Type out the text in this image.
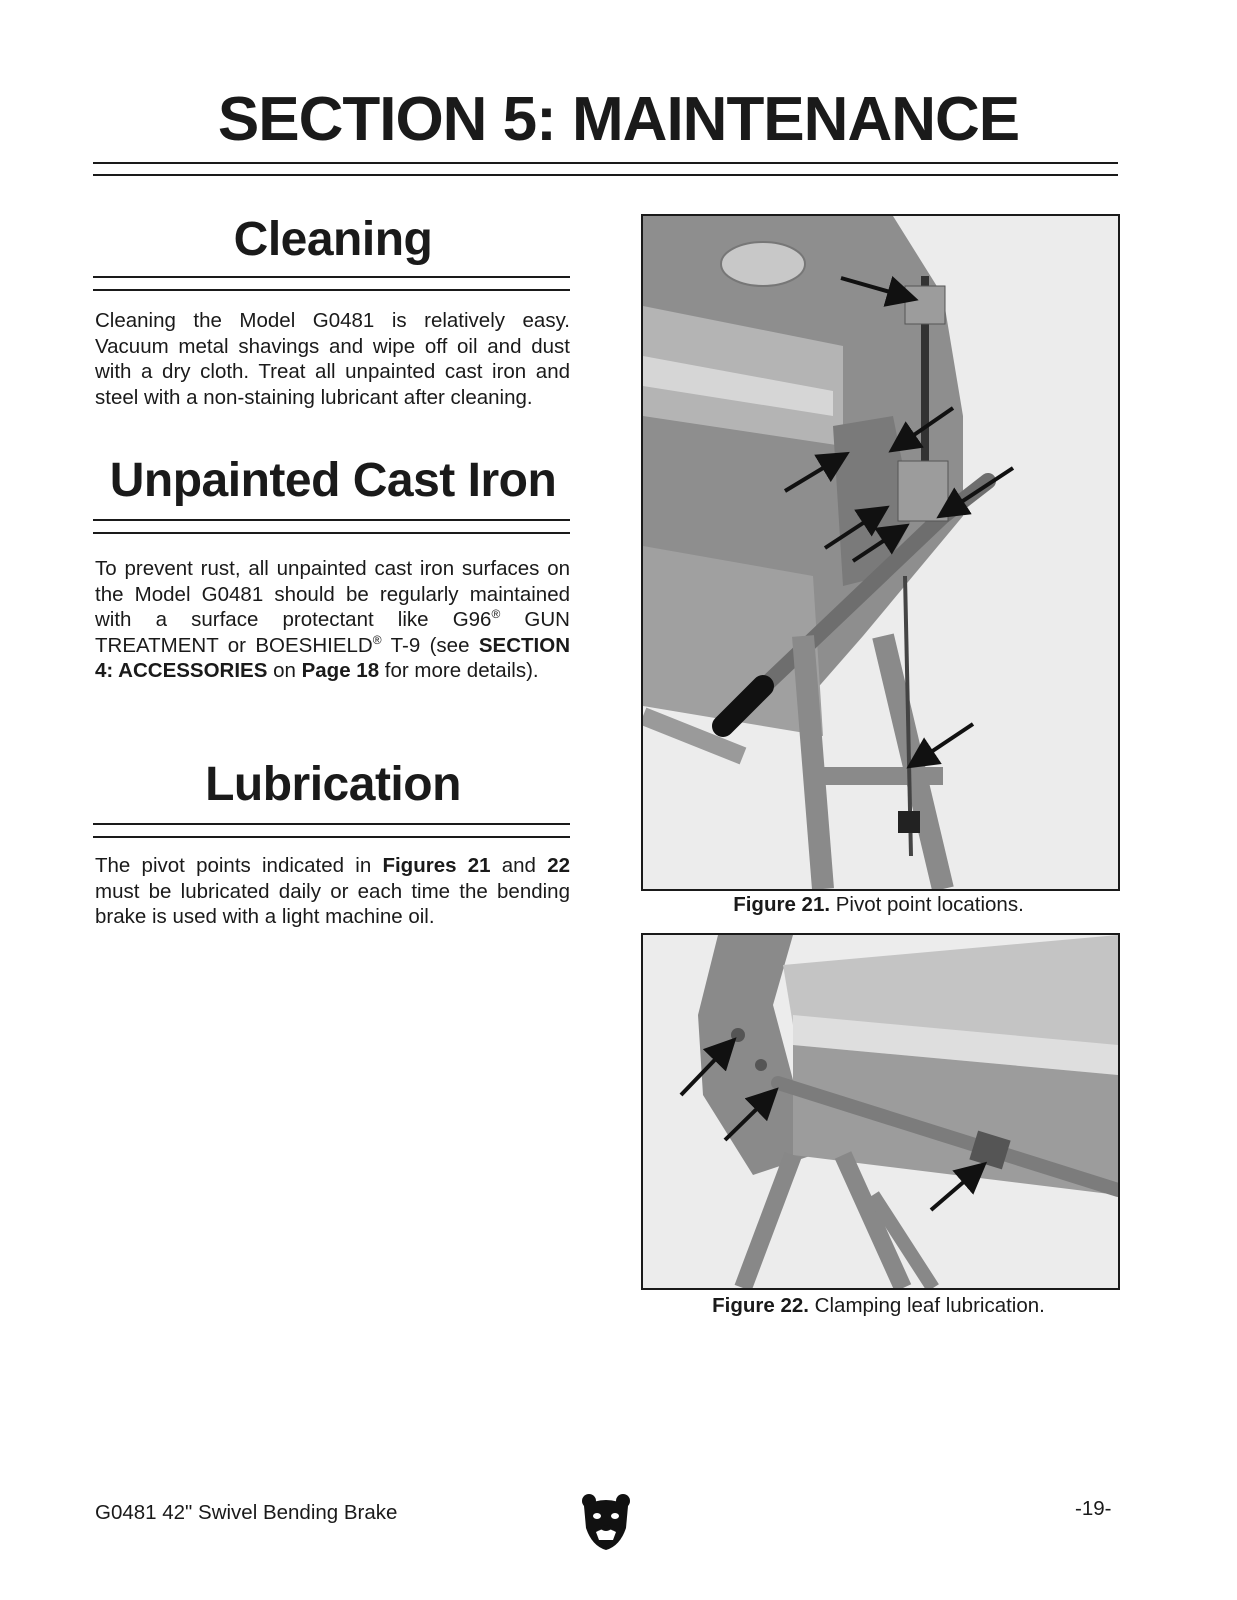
SECTION 5: MAINTENANCE
Cleaning

Cleaning the Model G0481 is relatively easy. Vacuum metal shavings and wipe off oil and dust with a dry cloth. Treat all unpainted cast iron and steel with a non-staining lubricant after cleaning.

Unpainted Cast Iron

To prevent rust, all unpainted cast iron surfaces on the Model G0481 should be regularly maintained with a surface protectant like G96® GUN TREATMENT or BOESHIELD® T-9 (see SECTION 4: ACCESSORIES on Page 18 for more details).

Lubrication

The pivot points indicated in Figures 21 and 22 must be lubricated daily or each time the bending brake is used with a light machine oil.

Figure 21. Pivot point locations.

Figure 22. Clamping leaf lubrication.

G0481 42" Swivel Bending Brake	-19-
